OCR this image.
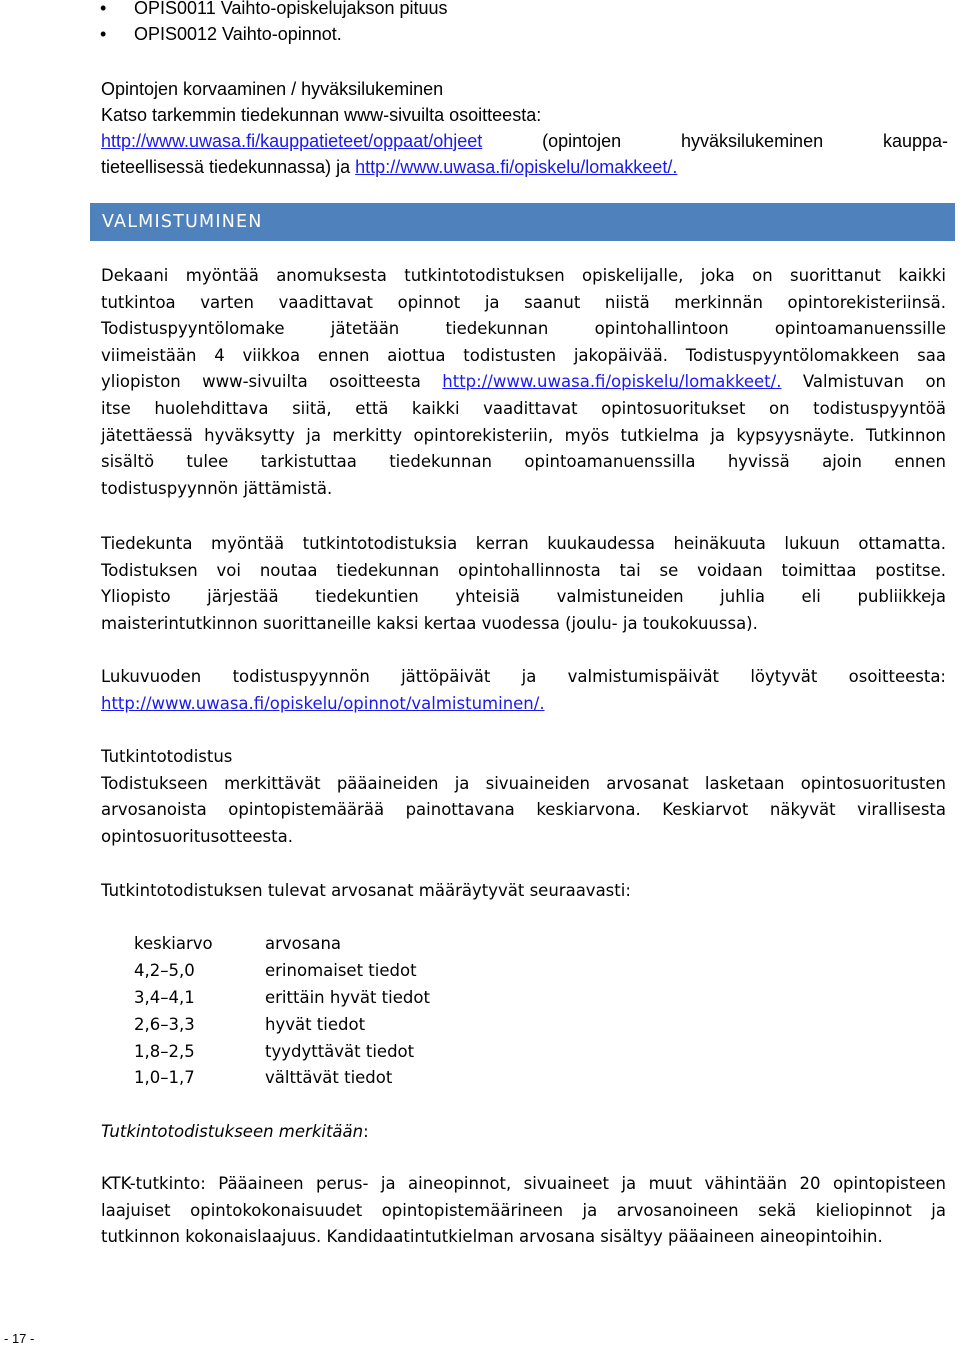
• OPIS0011 Vaihto-opiskelujakson pituus
• OPIS0012 Vaihto-opinnot.
Opintojen korvaaminen / hyväksilukeminen
Katso tarkemmin tiedekunnan www-sivuilta osoitteesta:
http://www.uwasa.fi/kauppatieteet/oppaat/ohjeet	(opintojen hyväksilukeminen kauppa-
tieteellisessä tiedekunnassa) ja http://www.uwasa.fi/opiskelu/lomakkeet/.
VALMISTUMINEN
Dekaani myöntää anomuksesta tutkintotodistuksen opiskelijalle, joka on suorittanut kaikki
tutkintoa varten vaadittavat opinnot ja saanut niistä merkinnän opintorekisteriinsä.
Todistuspyyntölomake jätetään tiedekunnan opintohallintoon opintoamanuenssille
viimeistään 4 viikkoa ennen aiottua todistusten jakopäivää. Todistuspyyntölomakkeen saa
yliopiston www-sivuilta osoitteesta http://www.uwasa.fi/opiskelu/lomakkeet/. Valmistuvan on
itse huolehdittava siitä, että kaikki vaadittavat opintosuoritukset on todistuspyyntöä
jätettäessä hyväksytty ja merkitty opintorekisteriin, myös tutkielma ja kypsyysnäyte. Tutkinnon
sisältö tulee tarkistuttaa tiedekunnan opintoamanuenssilla hyvissä ajoin ennen
todistuspyynnön jättämistä.
Tiedekunta myöntää tutkintotodistuksia kerran kuukaudessa heinäkuuta lukuun ottamatta.
Todistuksen voi noutaa tiedekunnan opintohallinnosta tai se voidaan toimittaa postitse.
Yliopisto järjestää tiedekuntien yhteisiä valmistuneiden juhlia eli publiikkeja
maisterintutkinnon suorittaneille kaksi kertaa vuodessa (joulu- ja toukokuussa).
Lukuvuoden todistuspyynnön jättöpäivät ja valmistumispäivät löytyvät osoitteesta:
http://www.uwasa.fi/opiskelu/opinnot/valmistuminen/.
Tutkintotodistus
Todistukseen merkittävät pääaineiden ja sivuaineiden arvosanat lasketaan opintosuoritusten
arvosanoista opintopistemäärää painottavana keskiarvona. Keskiarvot näkyvät virallisesta
opintosuoritusotteesta.
Tutkintotodistuksen tulevat arvosanat määräytyvät seuraavasti:
keskiarvo	arvosana
4,2–5,0	erinomaiset tiedot
3,4–4,1	erittäin hyvät tiedot
2,6–3,3	hyvät tiedot
1,8–2,5	tyydyttävät tiedot
1,0–1,7	välttävät tiedot
Tutkintotodistukseen merkitään:
KTK-tutkinto: Pääaineen perus- ja aineopinnot, sivuaineet ja muut vähintään 20 opintopisteen
laajuiset opintokokonaisuudet opintopistemäärineen ja arvosanoineen sekä kieliopinnot ja
tutkinnon kokonaislaajuus. Kandidaatintutkielman arvosana sisältyy pääaineen aineopintoihin.
- 17 -
